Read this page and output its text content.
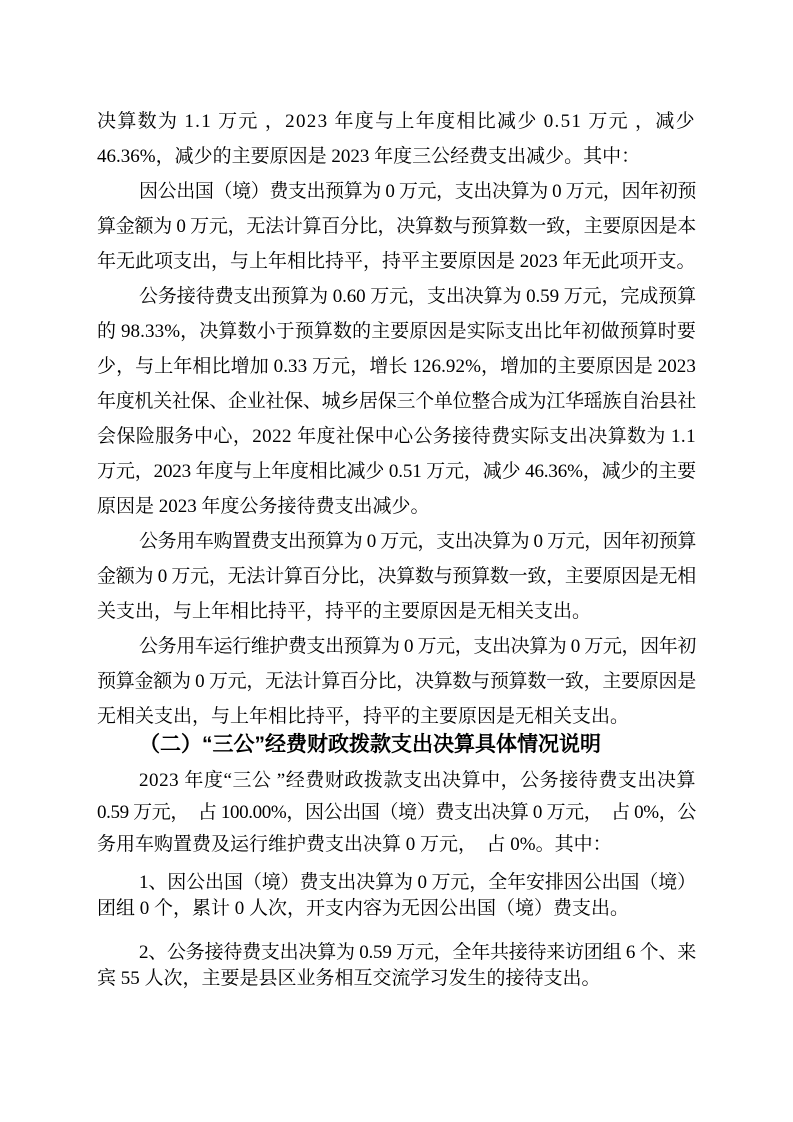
决算数为 1.1 万元 ，2023 年度与上年度相比减少 0.51 万元 ，减少
46.36%，减少的主要原因是 2023 年度三公经费支出减少。其中：
因公出国（境）费支出预算为 0 万元，支出决算为 0 万元，因年初预
算金额为 0 万元，无法计算百分比，决算数与预算数一致，主要原因是本
年无此项支出，与上年相比持平，持平主要原因是 2023 年无此项开支。
公务接待费支出预算为 0.60 万元，支出决算为 0.59 万元，完成预算
的 98.33%，决算数小于预算数的主要原因是实际支出比年初做预算时要
少，与上年相比增加 0.33 万元，增长 126.92%，增加的主要原因是 2023
年度机关社保、企业社保、城乡居保三个单位整合成为江华瑶族自治县社
会保险服务中心，2022 年度社保中心公务接待费实际支出决算数为 1.1
万元，2023 年度与上年度相比减少 0.51 万元，减少 46.36%，减少的主要
原因是 2023 年度公务接待费支出减少。
公务用车购置费支出预算为 0 万元，支出决算为 0 万元，因年初预算
金额为 0 万元，无法计算百分比，决算数与预算数一致，主要原因是无相
关支出，与上年相比持平，持平的主要原因是无相关支出。
公务用车运行维护费支出预算为 0 万元，支出决算为 0 万元，因年初
预算金额为 0 万元，无法计算百分比，决算数与预算数一致，主要原因是
无相关支出，与上年相比持平，持平的主要原因是无相关支出。
（二）“三公”经费财政拨款支出决算具体情况说明
2023 年度“三公 ”经费财政拨款支出决算中，公务接待费支出决算
0.59 万元，  占 100.00%，因公出国（境）费支出决算 0 万元，  占 0%，公
务用车购置费及运行维护费支出决算 0 万元，  占 0%。其中：
1、因公出国（境）费支出决算为 0 万元，全年安排因公出国（境）
团组 0 个，累计 0 人次，开支内容为无因公出国（境）费支出。
2、公务接待费支出决算为 0.59 万元，全年共接待来访团组 6 个、来
宾 55 人次，主要是县区业务相互交流学习发生的接待支出。
